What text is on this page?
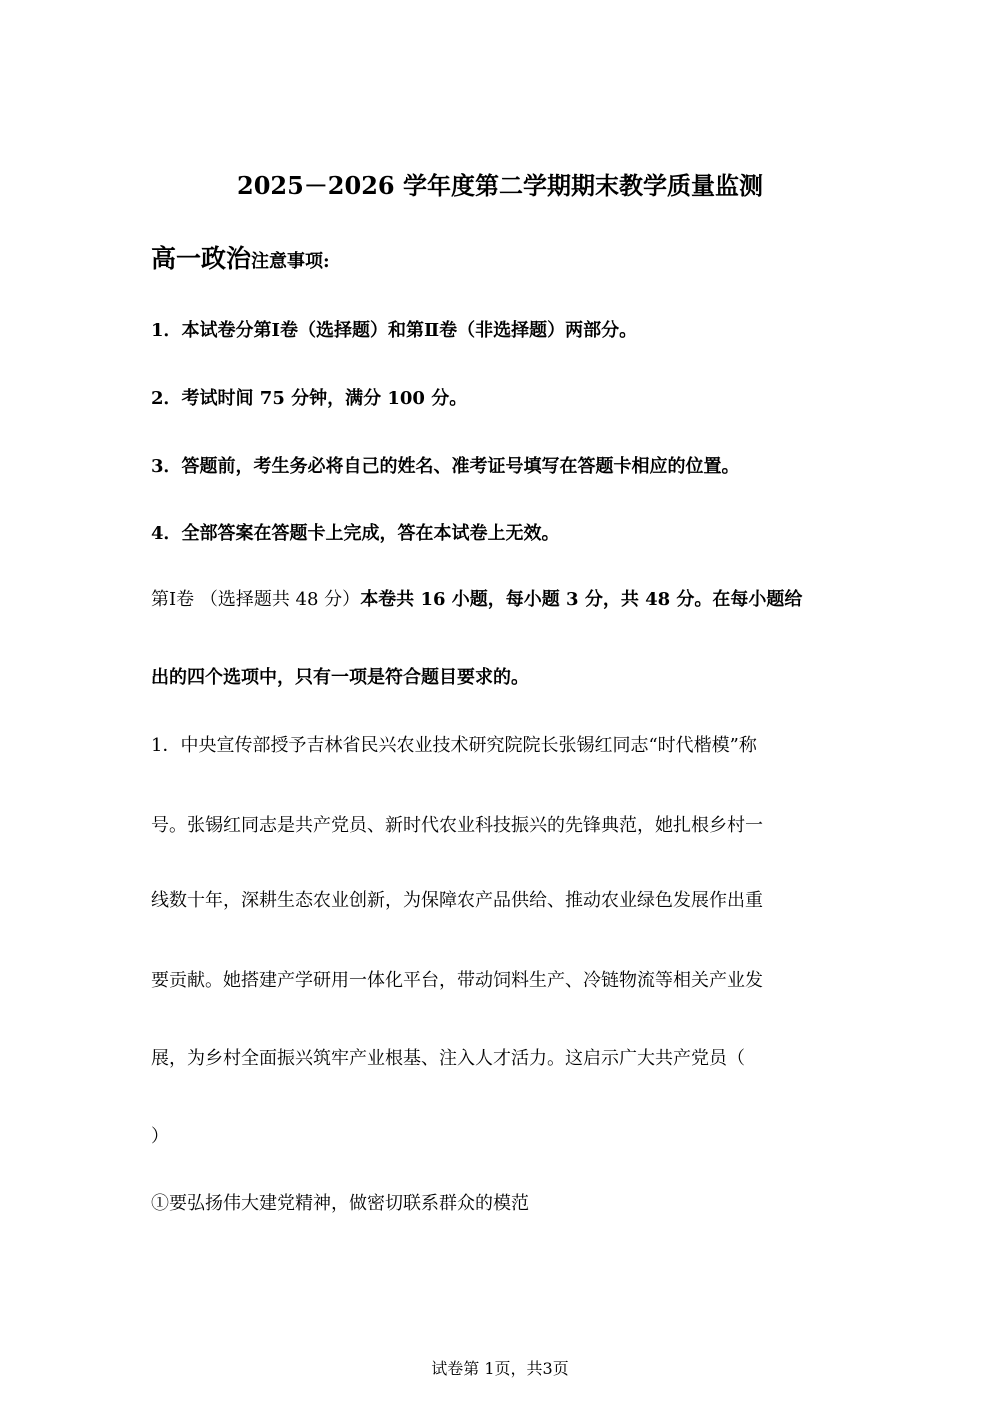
2025－2026 学年度第二学期期末教学质量监测
高一政治注意事项:
1．本试卷分第Ⅰ卷（选择题）和第Ⅱ卷（非选择题）两部分。
2．考试时间 75 分钟，满分 100 分。
3．答题前，考生务必将自己的姓名、准考证号填写在答题卡相应的位置。
4．全部答案在答题卡上完成，答在本试卷上无效。
第Ⅰ卷 （选择题共 48 分）本卷共 16 小题，每小题 3 分，共 48 分。在每小题给
出的四个选项中，只有一项是符合题目要求的。
1．中央宣传部授予吉林省民兴农业技术研究院院长张锡红同志“时代楷模”称
号。张锡红同志是共产党员、新时代农业科技振兴的先锋典范，她扎根乡村一
线数十年，深耕生态农业创新，为保障农产品供给、推动农业绿色发展作出重
要贡献。她搭建产学研用一体化平台，带动饲料生产、冷链物流等相关产业发
展，为乡村全面振兴筑牢产业根基、注入人才活力。这启示广大共产党员（
）
①要弘扬伟大建党精神，做密切联系群众的模范
试卷第 1页，共3页
